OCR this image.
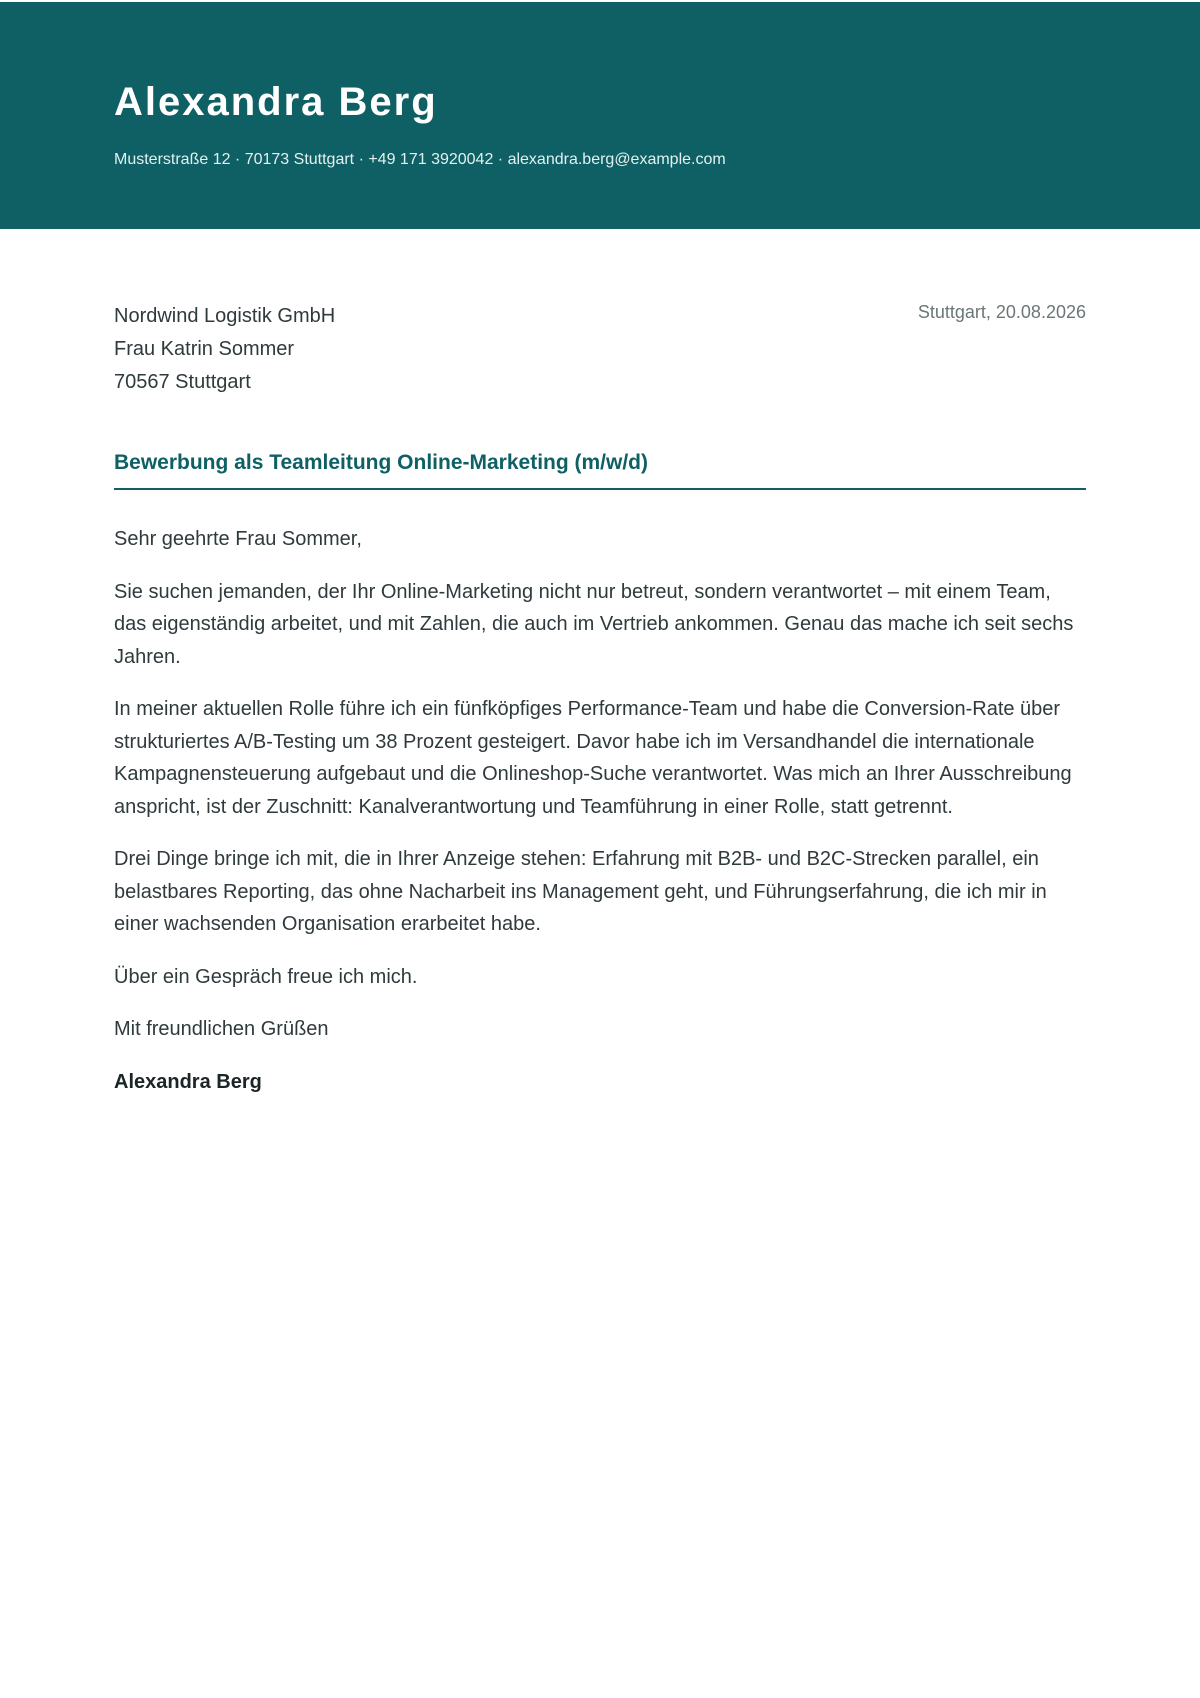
Alexandra Berg
Musterstraße 12 · 70173 Stuttgart · +49 171 3920042 · alexandra.berg@example.com
Nordwind Logistik GmbH
Frau Katrin Sommer
70567 Stuttgart
Stuttgart, 20.08.2026
Bewerbung als Teamleitung Online-Marketing (m/w/d)

Sehr geehrte Frau Sommer,

Sie suchen jemanden, der Ihr Online-Marketing nicht nur betreut, sondern verantwortet – mit einem Team, das eigenständig arbeitet, und mit Zahlen, die auch im Vertrieb ankommen. Genau das mache ich seit sechs Jahren.

In meiner aktuellen Rolle führe ich ein fünfköpfiges Performance-Team und habe die Conversion-Rate über strukturiertes A/B-Testing um 38 Prozent gesteigert. Davor habe ich im Versandhandel die internationale Kampagnensteuerung aufgebaut und die Onlineshop-Suche verantwortet. Was mich an Ihrer Ausschreibung anspricht, ist der Zuschnitt: Kanalverantwortung und Teamführung in einer Rolle, statt getrennt.

Drei Dinge bringe ich mit, die in Ihrer Anzeige stehen: Erfahrung mit B2B- und B2C-Strecken parallel, ein belastbares Reporting, das ohne Nacharbeit ins Management geht, und Führungserfahrung, die ich mir in einer wachsenden Organisation erarbeitet habe.

Über ein Gespräch freue ich mich.

Mit freundlichen Grüßen

Alexandra Berg
